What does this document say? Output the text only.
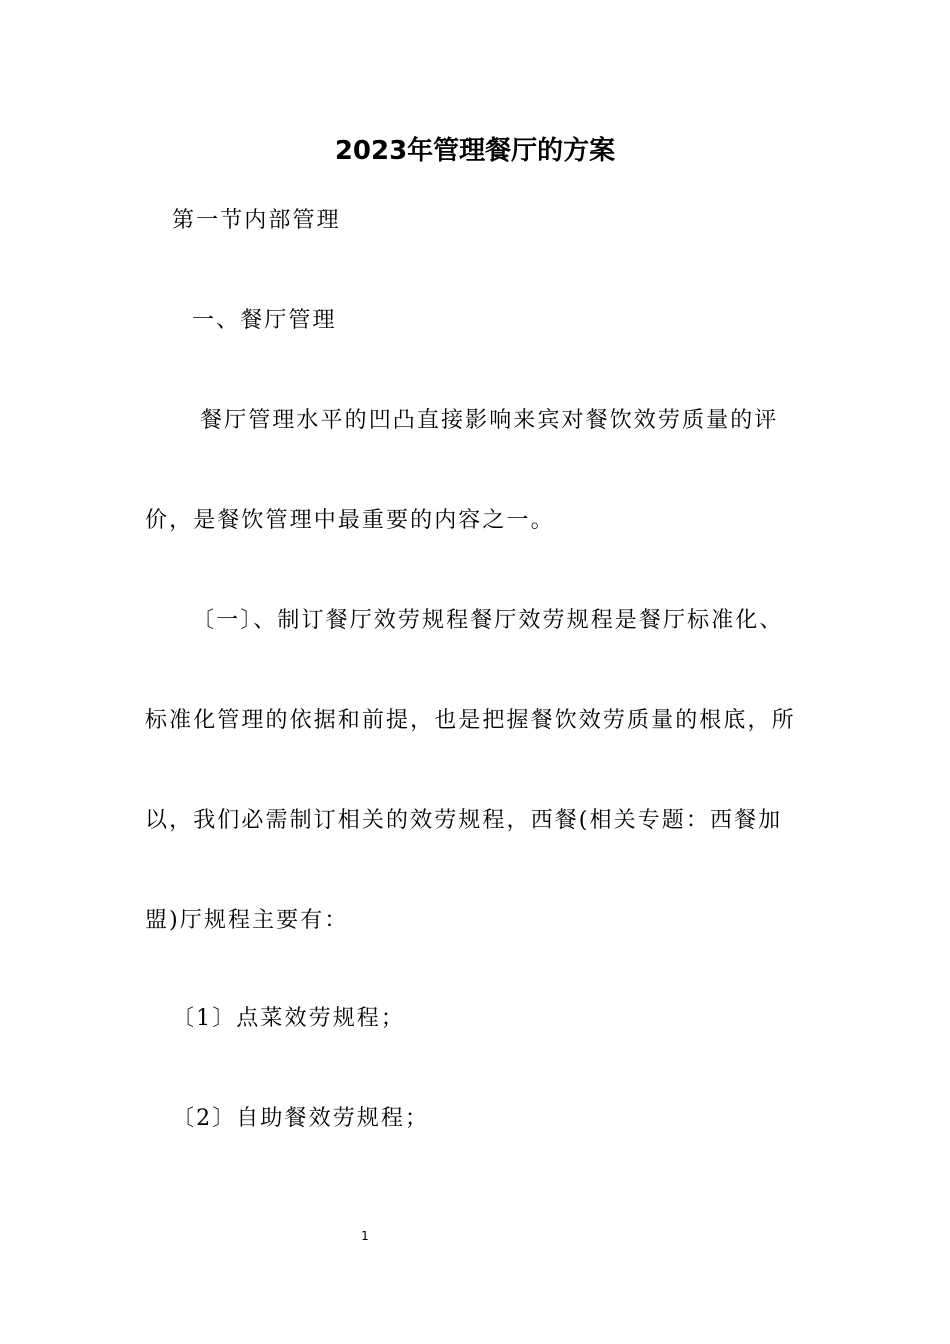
2023年管理餐厅的方案
第一节内部管理
一、餐厅管理
餐厅管理水平的凹凸直接影响来宾对餐饮效劳质量的评
价，是餐饮管理中最重要的内容之一。
〔一〕、制订餐厅效劳规程餐厅效劳规程是餐厅标准化、
标准化管理的依据和前提，也是把握餐饮效劳质量的根底，所
以，我们必需制订相关的效劳规程，西餐(相关专题：西餐加
盟)厅规程主要有：
〔1〕点菜效劳规程；
〔2〕自助餐效劳规程；
1
